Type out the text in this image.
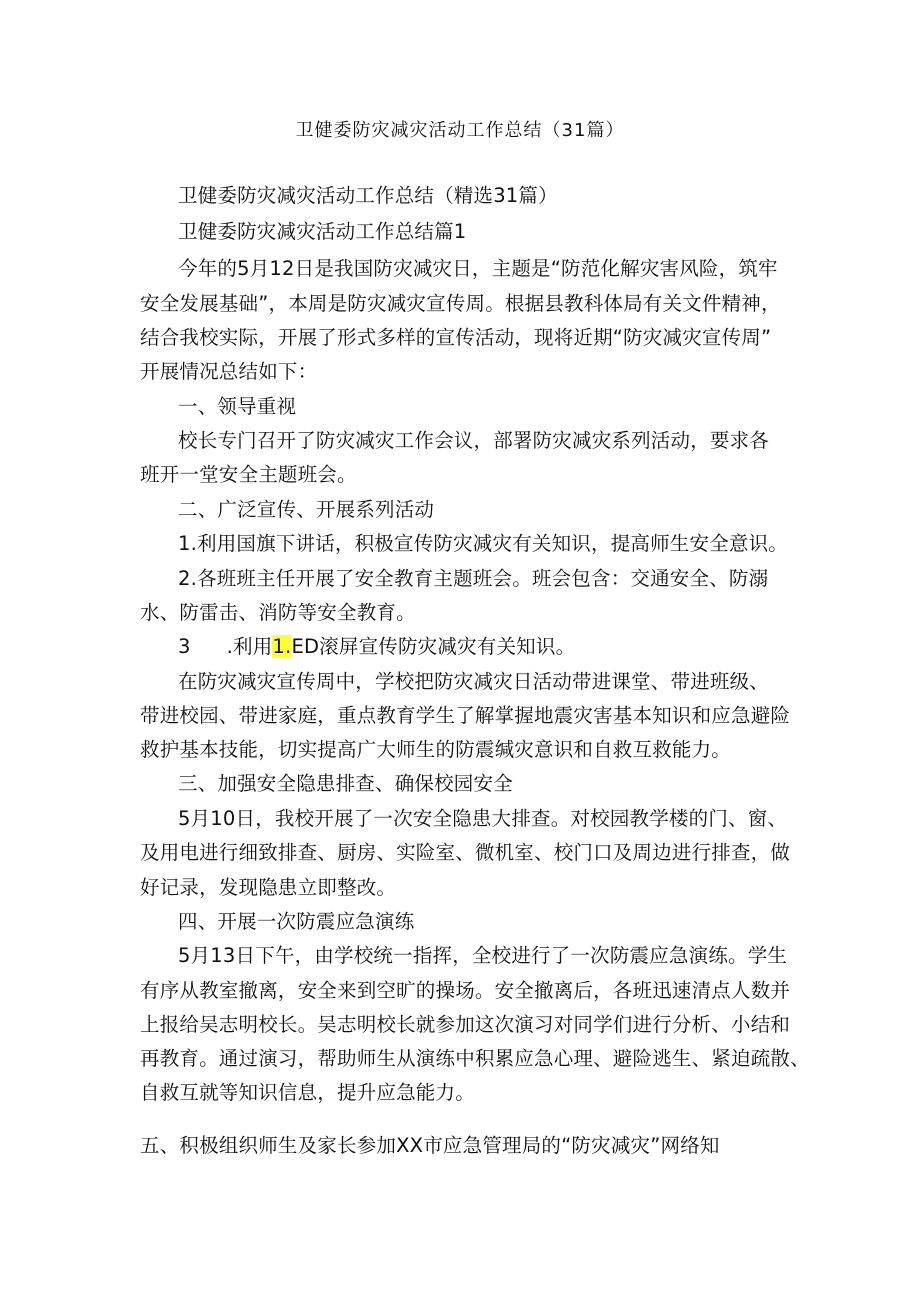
卫健委防灾减灾活动工作总结（31篇）
卫健委防灾减灾活动工作总结（精选31篇）
卫健委防灾减灾活动工作总结篇1
今年的5月12日是我国防灾减灾日，主题是“防范化解灾害风险，筑牢
安全发展基础”，本周是防灾减灾宣传周。根据县教科体局有关文件精神，
结合我校实际，开展了形式多样的宣传活动，现将近期“防灾减灾宣传周”
开展情况总结如下：
一、领导重视
校长专门召开了防灾减灾工作会议，部署防灾减灾系列活动，要求各
班开一堂安全主题班会。
二、广泛宣传、开展系列活动
1.利用国旗下讲话，积极宣传防灾减灾有关知识，提高师生安全意识。
2.各班班主任开展了安全教育主题班会。班会包含：交通安全、防溺
水、防雷击、消防等安全教育。
3 .利用1.ED滚屏宣传防灾减灾有关知识。
在防灾减灾宣传周中，学校把防灾减灾日活动带进课堂、带进班级、
带进校园、带进家庭，重点教育学生了解掌握地震灾害基本知识和应急避险
救护基本技能，切实提高广大师生的防震缄灾意识和自救互救能力。
三、加强安全隐患排查、确保校园安全
5月10日，我校开展了一次安全隐患大排查。对校园教学楼的门、窗、
及用电进行细致排查、厨房、实险室、微机室、校门口及周边进行排查，做
好记录，发现隐患立即整改。
四、开展一次防震应急演练
5月13日下午，由学校统一指挥，全校进行了一次防震应急演练。学生
有序从教室撤离，安全来到空旷的操场。安全撤离后，各班迅速清点人数并
上报给吴志明校长。吴志明校长就参加这次演习对同学们进行分析、小结和
再教育。通过演习，帮助师生从演练中积累应急心理、避险逃生、紧迫疏散、
自救互就等知识信息，提升应急能力。
五、积极组织师生及家长参加XX市应急管理局的“防灾减灾”网络知
